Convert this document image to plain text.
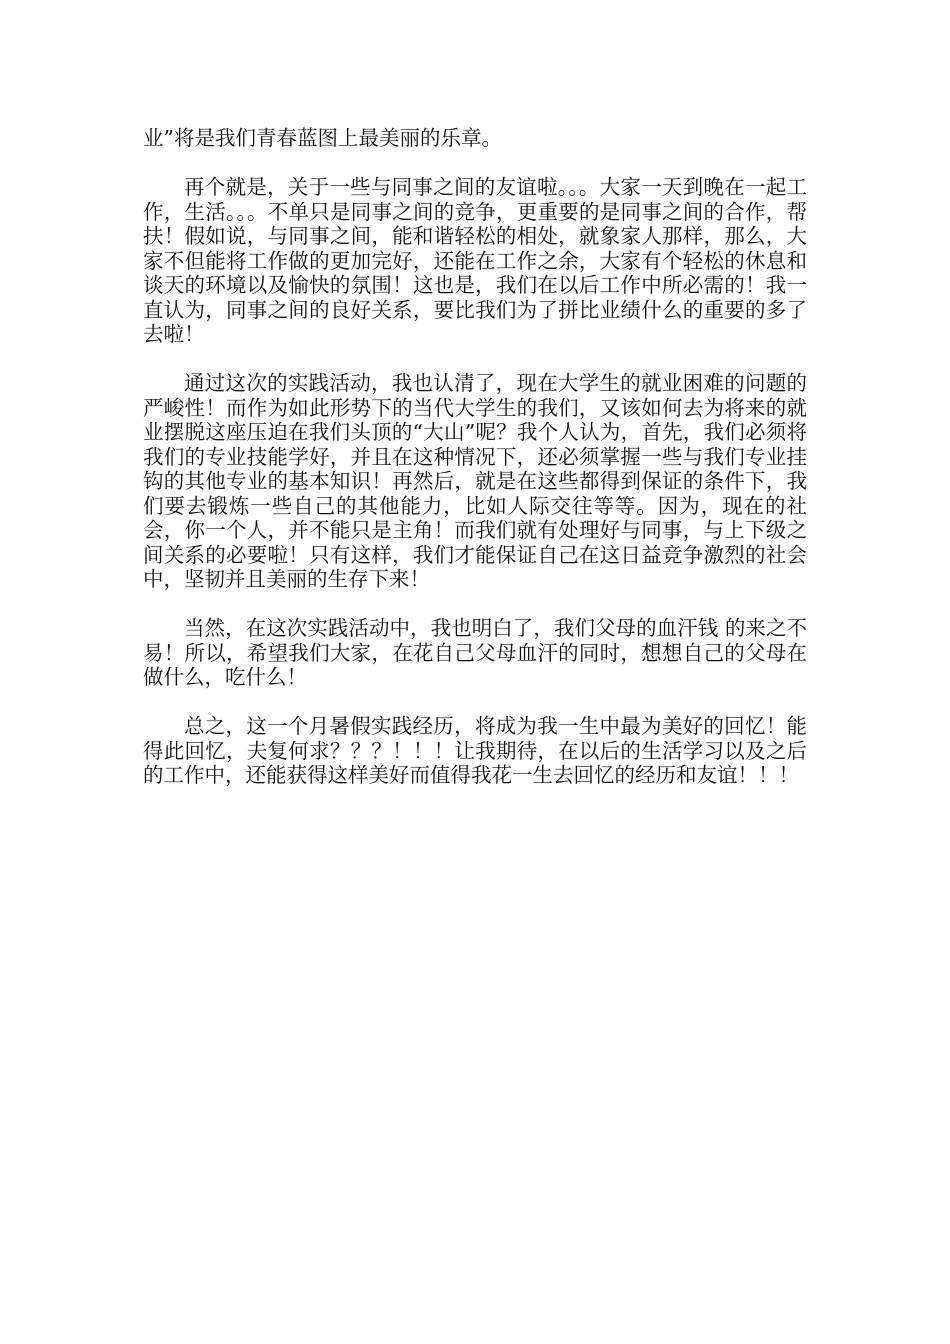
业”将是我们青春蓝图上最美丽的乐章。

再个就是，关于一些与同事之间的友谊啦。。。大家一天到晚在一起工作，生活。。。不单只是同事之间的竞争，更重要的是同事之间的合作，帮扶！假如说，与同事之间，能和谐轻松的相处，就象家人那样，那么，大家不但能将工作做的更加完好，还能在工作之余，大家有个轻松的休息和谈天的环境以及愉快的氛围！这也是，我们在以后工作中所必需的！我一直认为，同事之间的良好关系，要比我们为了拼比业绩什么的重要的多了去啦！

通过这次的实践活动，我也认清了，现在大学生的就业困难的问题的严峻性！而作为如此形势下的当代大学生的我们，又该如何去为将来的就业摆脱这座压迫在我们头顶的“大山”呢？我个人认为，首先，我们必须将我们的专业技能学好，并且在这种情况下，还必须掌握一些与我们专业挂钩的其他专业的基本知识！再然后，就是在这些都得到保证的条件下，我们要去锻炼一些自己的其他能力，比如人际交往等等。因为，现在的社会，你一个人，并不能只是主角！而我们就有处理好与同事，与上下级之间关系的必要啦！只有这样，我们才能保证自己在这日益竞争激烈的社会中，坚韧并且美丽的生存下来！

当然，在这次实践活动中，我也明白了，我们父母的血汗钱 的来之不易！所以，希望我们大家，在花自己父母血汗的同时，想想自己的父母在做什么，吃什么！

总之，这一个月暑假实践经历，将成为我一生中最为美好的回忆！能得此回忆，夫复何求？？？！！！让我期待，在以后的生活学习以及之后的工作中，还能获得这样美好而值得我花一生去回忆的经历和友谊！！！
